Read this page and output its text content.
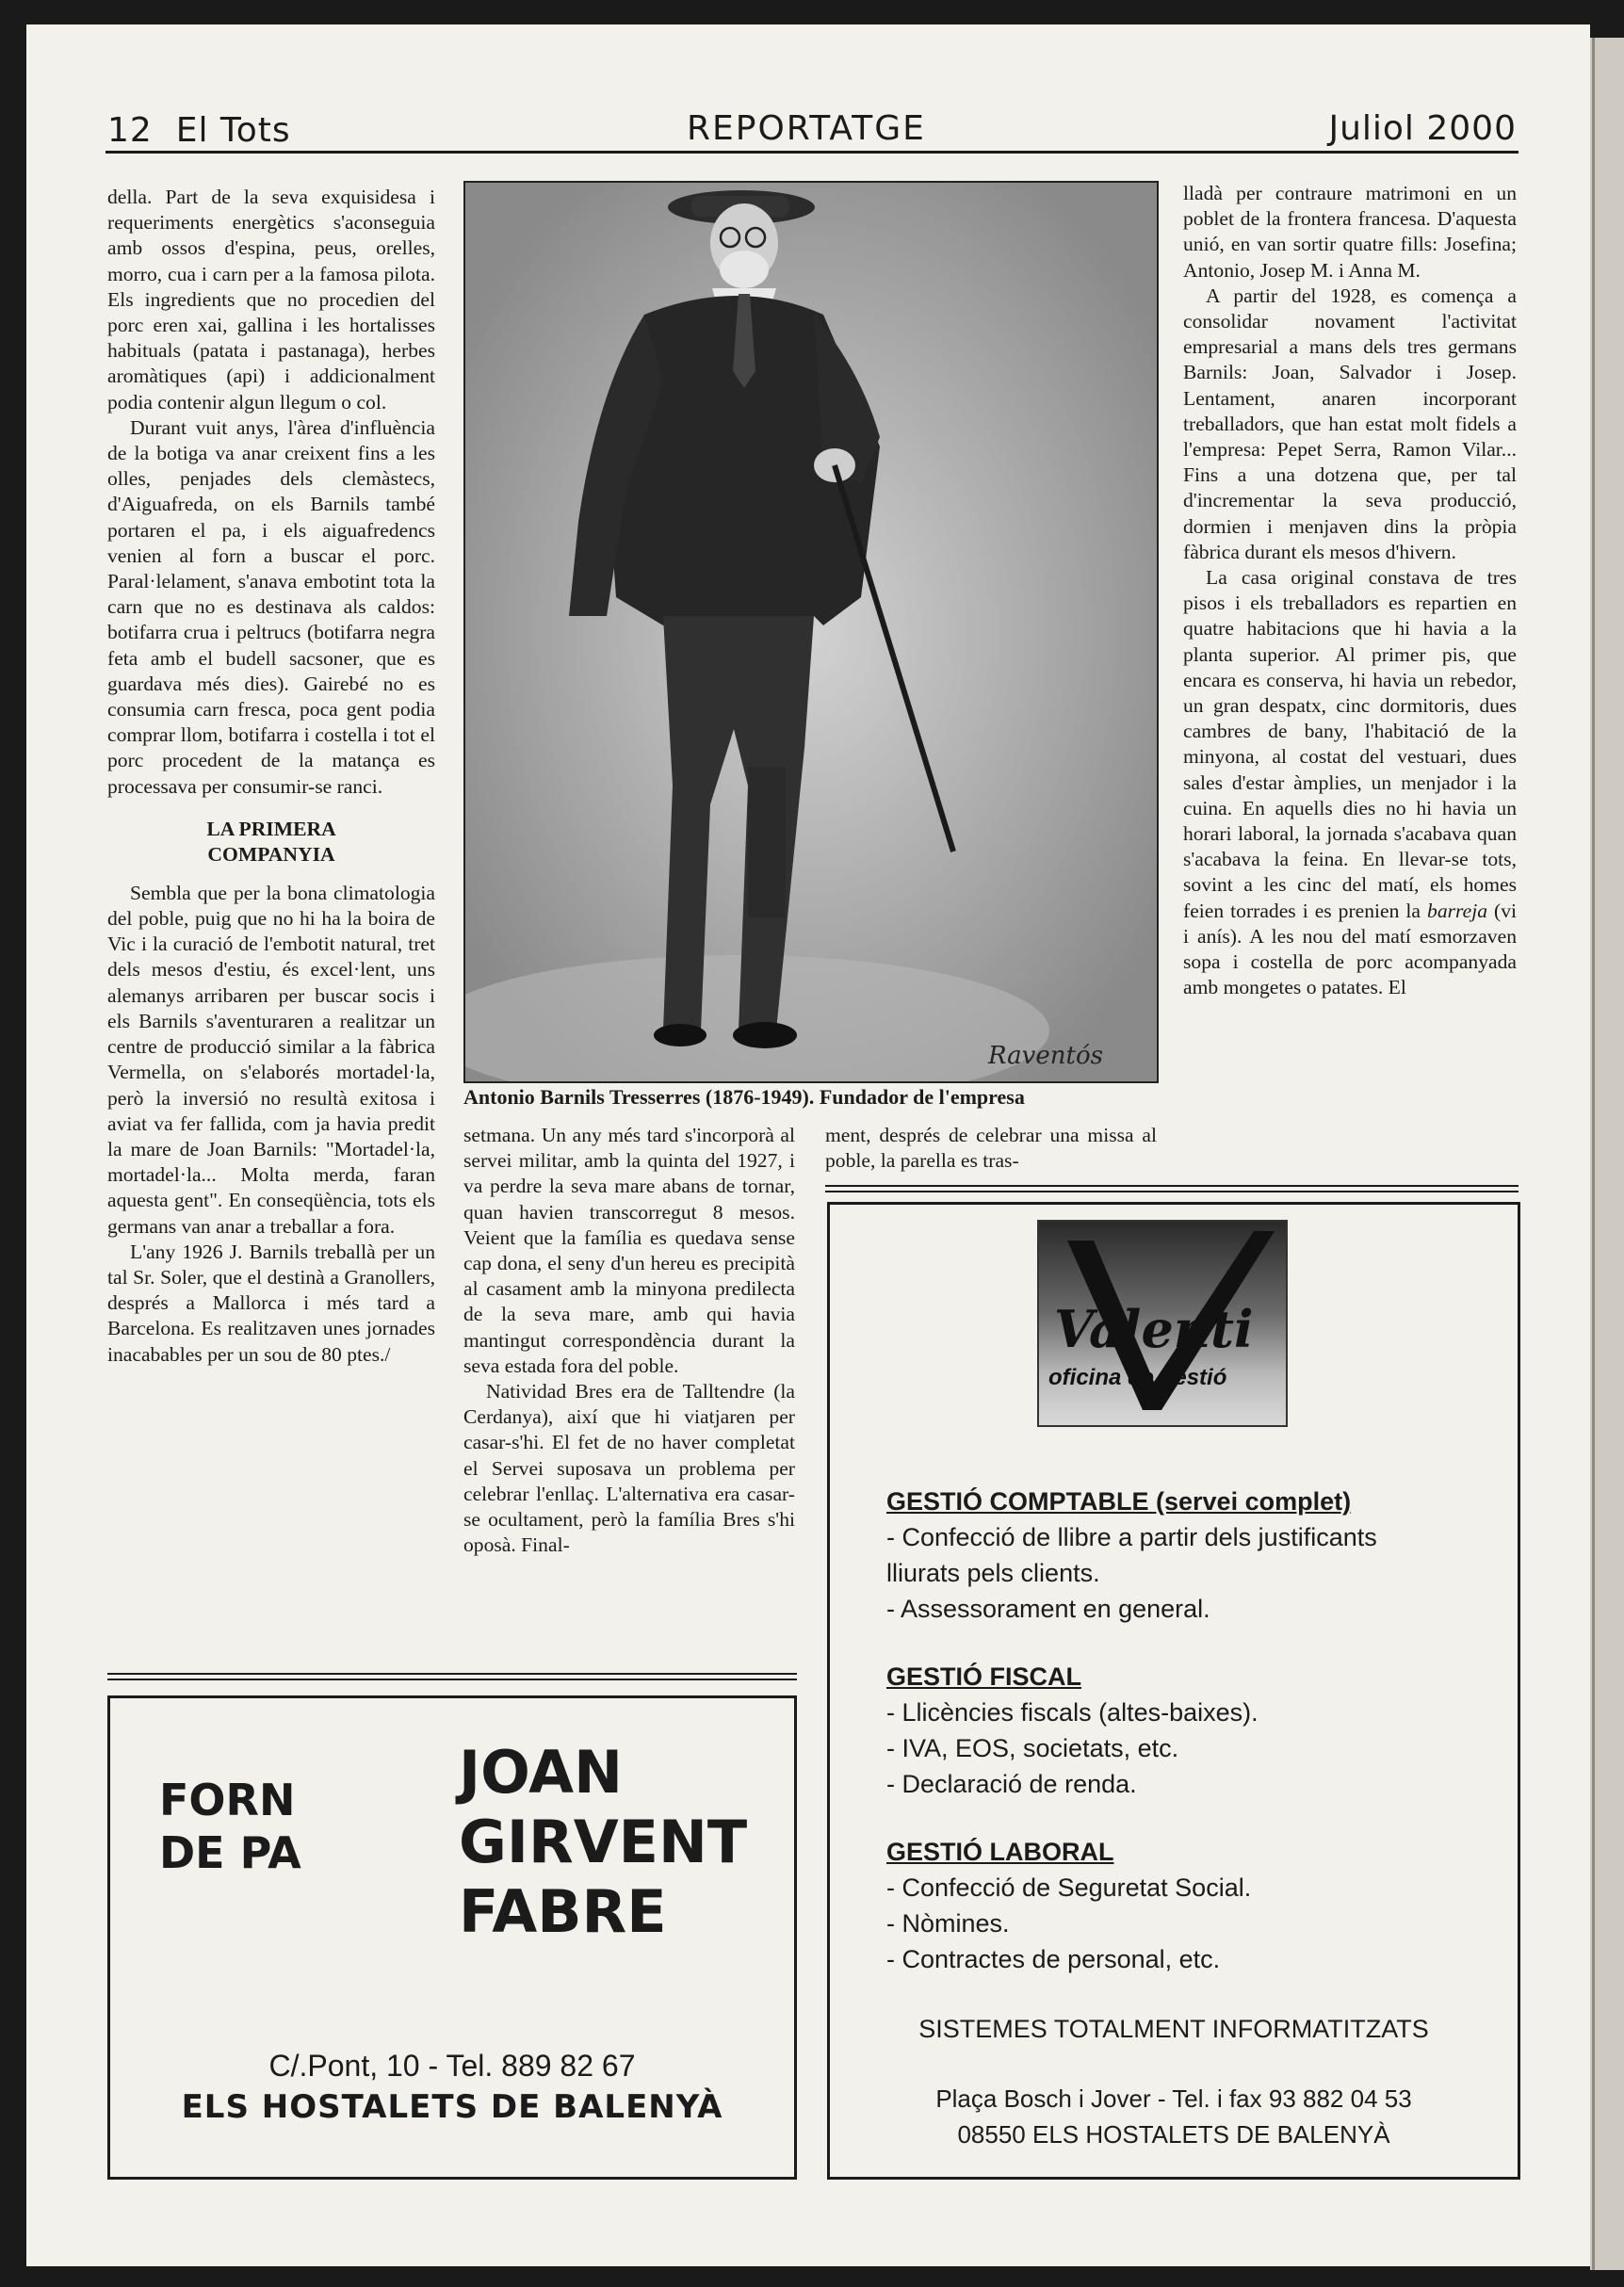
12  El Tots	REPORTATGE	Juliol 2000

della. Part de la seva exquisidesa i requeriments energètics s'aconseguia amb ossos d'espina, peus, orelles, morro, cua i carn per a la famosa pilota. Els ingredients que no procedien del porc eren xai, gallina i les hortalisses habituals (patata i pastanaga), herbes aromàtiques (api) i addicionalment podia contenir algun llegum o col.

Durant vuit anys, l'àrea d'influència de la botiga va anar creixent fins a les olles, penjades dels clemàstecs, d'Aiguafreda, on els Barnils també portaren el pa, i els aiguafredencs venien al forn a buscar el porc. Paral·lelament, s'anava embotint tota la carn que no es destinava als caldos: botifarra crua i peltrucs (botifarra negra feta amb el budell sacsoner, que es guardava més dies). Gairebé no es consumia carn fresca, poca gent podia comprar llom, botifarra i costella i tot el porc procedent de la matança es processava per consumir-se ranci.

LA PRIMERA COMPANYIA

Sembla que per la bona climatologia del poble, puig que no hi ha la boira de Vic i la curació de l'embotit natural, tret dels mesos d'estiu, és excel·lent, uns alemanys arribaren per buscar socis i els Barnils s'aventuraren a realitzar un centre de producció similar a la fàbrica Vermella, on s'elaborés mortadel·la, però la inversió no resultà exitosa i aviat va fer fallida, com ja havia predit la mare de Joan Barnils: "Mortadel·la, mortadel·la... Molta merda, faran aquesta gent". En conseqüència, tots els germans van anar a treballar a fora.

L'any 1926 J. Barnils treballà per un tal Sr. Soler, que el destinà a Granollers, després a Mallorca i més tard a Barcelona. Es realitzaven unes jornades inacabables per un sou de 80 ptes./

Raventós
Antonio Barnils Tresserres (1876-1949). Fundador de l'empresa

setmana. Un any més tard s'incorporà al servei militar, amb la quinta del 1927, i va perdre la seva mare abans de tornar, quan havien transcorregut 8 mesos. Veient que la família es quedava sense cap dona, el seny d'un hereu es precipità al casament amb la minyona predilecta de la seva mare, amb qui havia mantingut correspondència durant la seva estada fora del poble.

Natividad Bres era de Talltendre (la Cerdanya), així que hi viatjaren per casar-s'hi. El fet de no haver completat el Servei suposava un problema per celebrar l'enllaç. L'alternativa era casar-se ocultament, però la família Bres s'hi oposà. Final-

ment, després de celebrar una missa al poble, la parella es tras-

lladà per contraure matrimoni en un poblet de la frontera francesa. D'aquesta unió, en van sortir quatre fills: Josefina; Antonio, Josep M. i Anna M.

A partir del 1928, es comença a consolidar novament l'activitat empresarial a mans dels tres germans Barnils: Joan, Salvador i Josep. Lentament, anaren incorporant treballadors, que han estat molt fidels a l'empresa: Pepet Serra, Ramon Vilar... Fins a una dotzena que, per tal d'incrementar la seva producció, dormien i menjaven dins la pròpia fàbrica durant els mesos d'hivern.

La casa original constava de tres pisos i els treballadors es repartien en quatre habitacions que hi havia a la planta superior. Al primer pis, que encara es conserva, hi havia un rebedor, un gran despatx, cinc dormitoris, dues cambres de bany, l'habitació de la minyona, al costat del vestuari, dues sales d'estar àmplies, un menjador i la cuina. En aquells dies no hi havia un horari laboral, la jornada s'acabava quan s'acabava la feina. En llevar-se tots, sovint a les cinc del matí, els homes feien torrades i es prenien la barreja (vi i anís). A les nou del matí esmorzaven sopa i costella de porc acompanyada amb mongetes o patates. El

FORN
DE PA
JOAN
GIRVENT
FABRE
C/.Pont, 10 - Tel. 889 82 67
ELS HOSTALETS DE BALENYÀ
Valenti
oficina de gestió
GESTIÓ COMPTABLE (servei complet)
- Confecció de llibre a partir dels justificants
lliurats pels clients.
- Assessorament en general.
GESTIÓ FISCAL
- Llicències fiscals (altes-baixes).
- IVA, EOS, societats, etc.
- Declaració de renda.
GESTIÓ LABORAL
- Confecció de Seguretat Social.
- Nòmines.
- Contractes de personal, etc.
SISTEMES TOTALMENT INFORMATITZATS
Plaça Bosch i Jover - Tel. i fax 93 882 04 53
08550 ELS HOSTALETS DE BALENYÀ
